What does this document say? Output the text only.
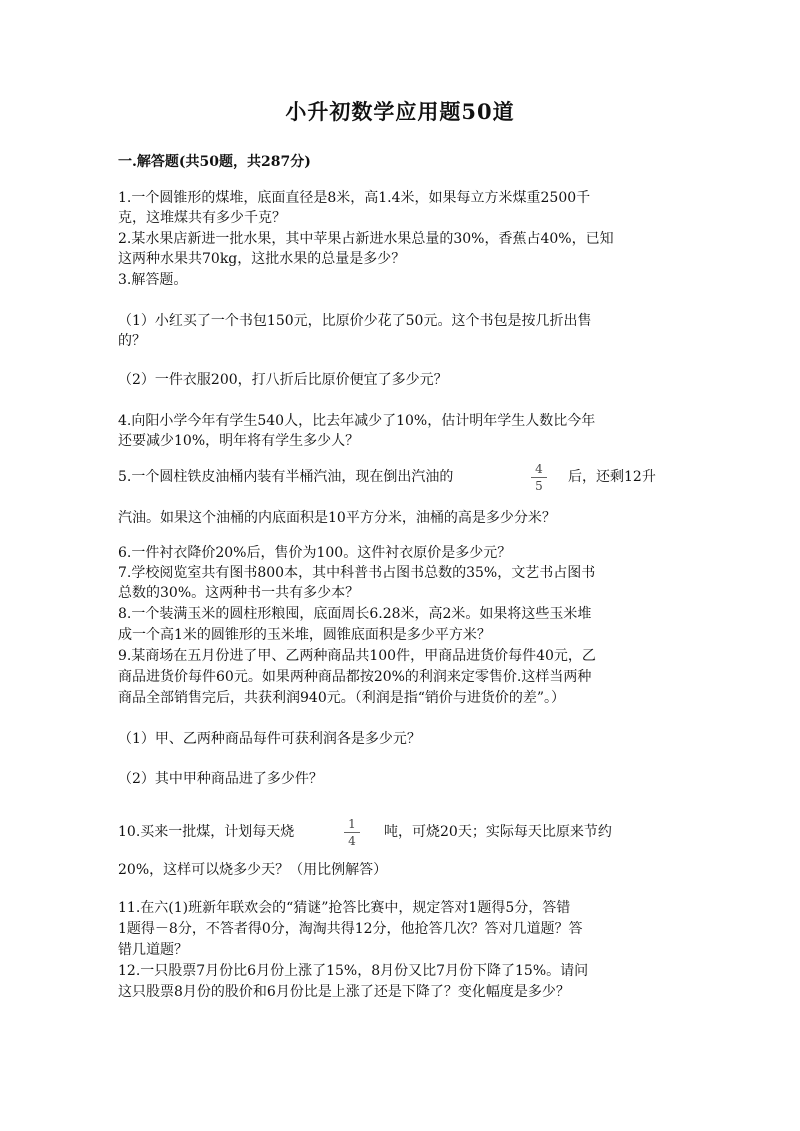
小升初数学应用题50道
一.解答题(共50题，共287分)
1.一个圆锥形的煤堆，底面直径是8米，高1.4米，如果每立方米煤重2500千
克，这堆煤共有多少千克？
2.某水果店新进一批水果，其中苹果占新进水果总量的30%，香蕉占40%，已知
这两种水果共70kg，这批水果的总量是多少？
3.解答题。
（1）小红买了一个书包150元，比原价少花了50元。这个书包是按几折出售
的？
（2）一件衣服200，打八折后比原价便宜了多少元？
4.向阳小学今年有学生540人，比去年减少了10%，估计明年学生人数比今年
还要减少10%，明年将有学生多少人？
5.一个圆柱铁皮油桶内装有半桶汽油，现在倒出汽油的	4
5
后，还剩12升
汽油。如果这个油桶的内底面积是10平方分米，油桶的高是多少分米？
6.一件衬衣降价20%后，售价为100。这件衬衣原价是多少元？
7.学校阅览室共有图书800本，其中科普书占图书总数的35%，文艺书占图书
总数的30%。这两种书一共有多少本？
8.一个装满玉米的圆柱形粮囤，底面周长6.28米，高2米。如果将这些玉米堆
成一个高1米的圆锥形的玉米堆，圆锥底面积是多少平方米？
9.某商场在五月份进了甲、乙两种商品共100件，甲商品进货价每件40元，乙
商品进货价每件60元。如果两种商品都按20%的利润来定零售价.这样当两种
商品全部销售完后，共获利润940元。（利润是指“销价与进货价的差”。）
（1）甲、乙两种商品每件可获利润各是多少元？
（2）其中甲种商品进了多少件？
10.买来一批煤，计划每天烧	1
4
吨，可烧20天；实际每天比原来节约
20%，这样可以烧多少天？（用比例解答）
11.在六(1)班新年联欢会的“猜谜”抢答比赛中，规定答对1题得5分，答错
1题得－8分，不答者得0分，淘淘共得12分，他抢答几次？答对几道题？答
错几道题？
12.一只股票7月份比6月份上涨了15%，8月份又比7月份下降了15%。请问
这只股票8月份的股价和6月份比是上涨了还是下降了？变化幅度是多少？
